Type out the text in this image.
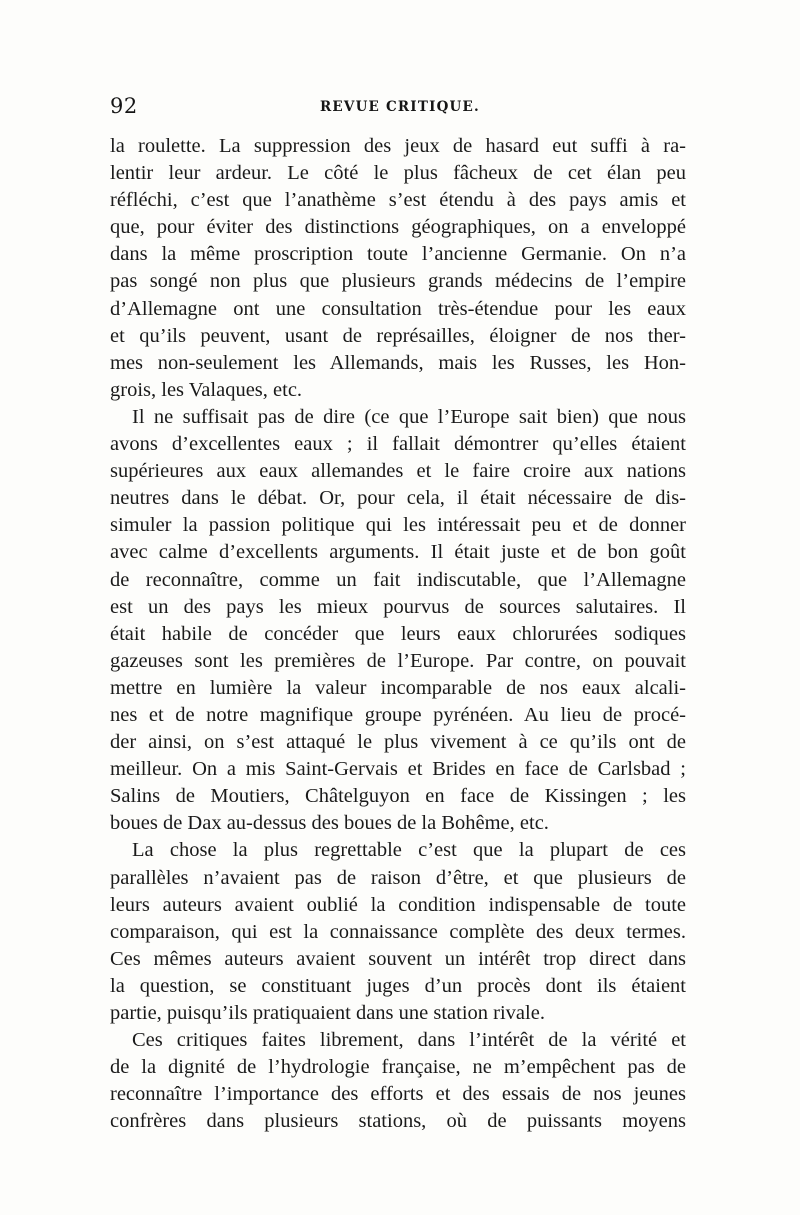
92	REVUE CRITIQUE.
la roulette. La suppression des jeux de hasard eut suffi à ra-
lentir leur ardeur. Le côté le plus fâcheux de cet élan peu
réfléchi, c’est que l’anathème s’est étendu à des pays amis et
que, pour éviter des distinctions géographiques, on a enveloppé
dans la même proscription toute l’ancienne Germanie. On n’a
pas songé non plus que plusieurs grands médecins de l’empire
d’Allemagne ont une consultation très-étendue pour les eaux
et qu’ils peuvent, usant de représailles, éloigner de nos ther-
mes non-seulement les Allemands, mais les Russes, les Hon-
grois, les Valaques, etc.
Il ne suffisait pas de dire (ce que l’Europe sait bien) que nous
avons d’excellentes eaux ; il fallait démontrer qu’elles étaient
supérieures aux eaux allemandes et le faire croire aux nations
neutres dans le débat. Or, pour cela, il était nécessaire de dis-
simuler la passion politique qui les intéressait peu et de donner
avec calme d’excellents arguments. Il était juste et de bon goût
de reconnaître, comme un fait indiscutable, que l’Allemagne
est un des pays les mieux pourvus de sources salutaires. Il
était habile de concéder que leurs eaux chlorurées sodiques
gazeuses sont les premières de l’Europe. Par contre, on pouvait
mettre en lumière la valeur incomparable de nos eaux alcali-
nes et de notre magnifique groupe pyrénéen. Au lieu de procé-
der ainsi, on s’est attaqué le plus vivement à ce qu’ils ont de
meilleur. On a mis Saint-Gervais et Brides en face de Carlsbad ;
Salins de Moutiers, Châtelguyon en face de Kissingen ; les
boues de Dax au-dessus des boues de la Bohême, etc.
La chose la plus regrettable c’est que la plupart de ces
parallèles n’avaient pas de raison d’être, et que plusieurs de
leurs auteurs avaient oublié la condition indispensable de toute
comparaison, qui est la connaissance complète des deux termes.
Ces mêmes auteurs avaient souvent un intérêt trop direct dans
la question, se constituant juges d’un procès dont ils étaient
partie, puisqu’ils pratiquaient dans une station rivale.
Ces critiques faites librement, dans l’intérêt de la vérité et
de la dignité de l’hydrologie française, ne m’empêchent pas de
reconnaître l’importance des efforts et des essais de nos jeunes
confrères dans plusieurs stations, où de puissants moyens
